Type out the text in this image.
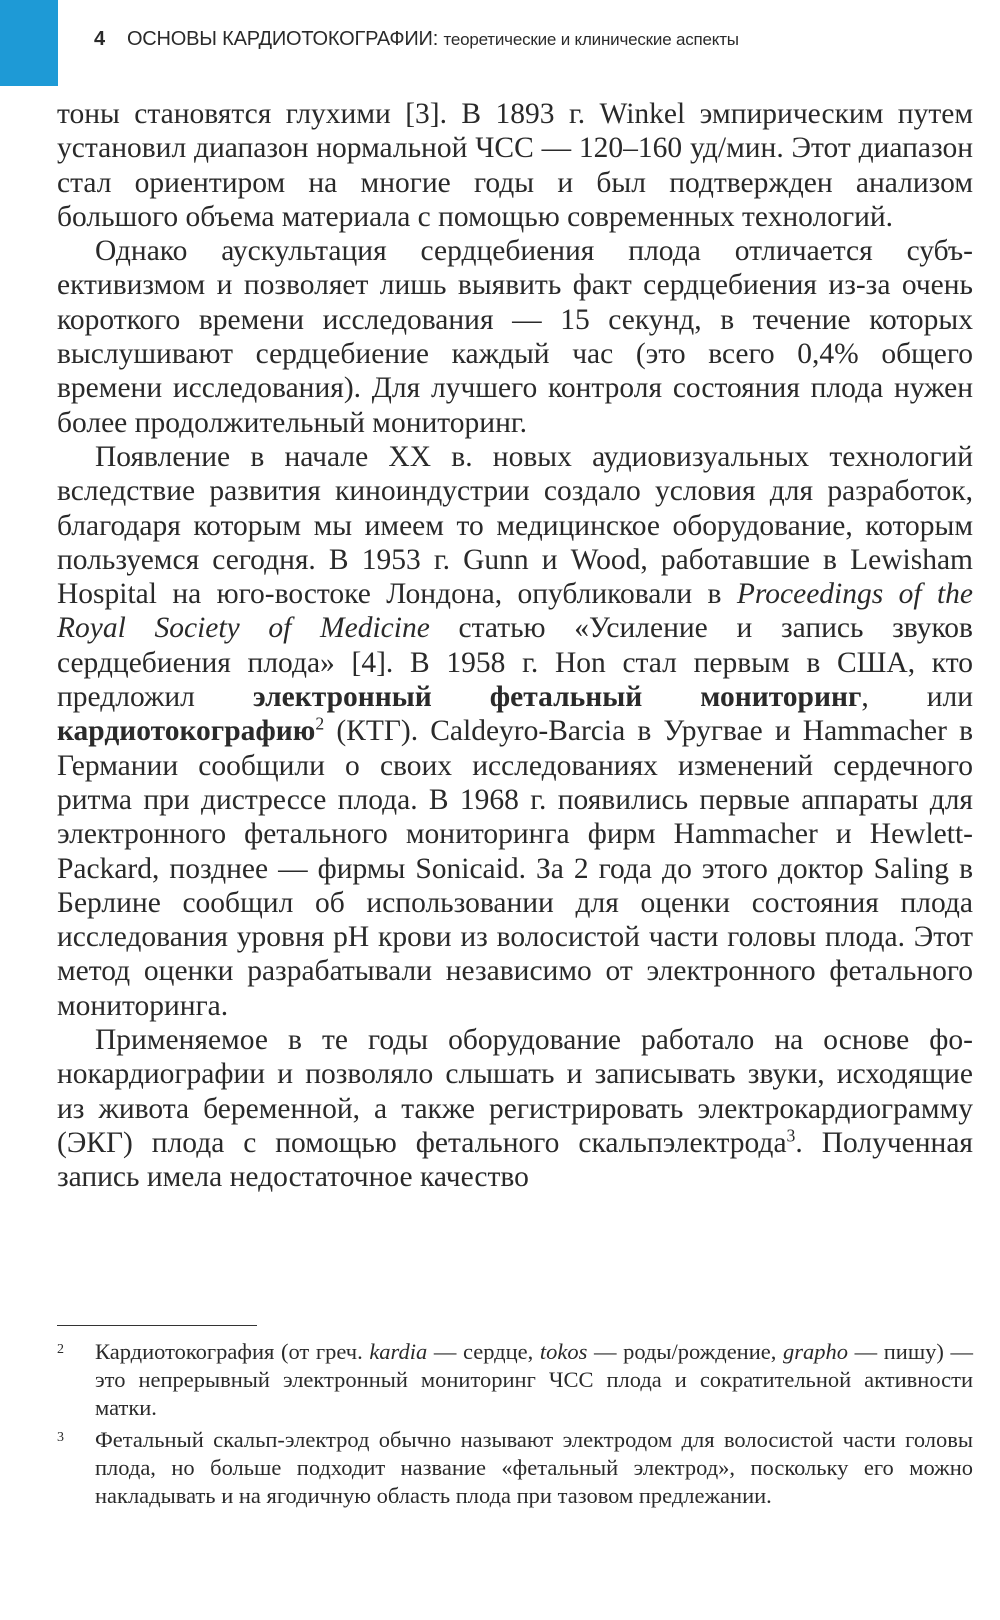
4 ОСНОВЫ КАРДИОТОКОГРАФИИ: теоретические и клинические аспекты

тоны становятся глухими [3]. В 1893 г. Winkel эмпирическим путем установил диапазон нормальной ЧСС — 120–160 уд/мин. Этот диапазон стал ориентиром на многие годы и был подтвержден анализом большого объема материала с помощью современных технологий.

Однако аускультация сердцебиения плода отличается субъективизмом и позволяет лишь выявить факт сердцебиения из-за очень короткого времени исследования — 15 секунд, в течение которых выслушивают сердцебиение каждый час (это всего 0,4% общего времени исследования). Для лучшего контроля состояния плода нужен более продолжительный мониторинг.

Появление в начале XX в. новых аудиовизуальных технологий вследствие развития киноиндустрии создало условия для разработок, благодаря которым мы имеем то медицинское оборудование, которым пользуемся сегодня. В 1953 г. Gunn и Wood, работавшие в Lewisham Hospital на юго-востоке Лондона, опубликовали в Proceedings of the Royal Society of Medicine статью «Усиление и запись звуков сердцебиения плода» [4]. В 1958 г. Hon стал первым в США, кто предложил электронный фетальный мониторинг, или кардиотокографию$^2$ (КТГ). Caldeyro-Barcia в Уругвае и Hammacher в Германии сообщили о своих исследованиях изменений сердечного ритма при дистрессе плода. В 1968 г. появились первые аппараты для электронного фетального мониторинга фирм Hammacher и Hewlett-Packard, позднее — фирмы Sonicaid. За 2 года до этого доктор Saling в Берлине сообщил об использовании для оценки состояния плода исследования уровня pH крови из волосистой части головы плода. Этот метод оценки разрабатывали независимо от электронного фетального мониторинга.

Применяемое в те годы оборудование работало на основе фонокардиографии и позволяло слышать и записывать звуки, исходящие из живота беременной, а также регистрировать электрокардиограмму (ЭКГ) плода с помощью фетального скальпэлектрода$^3$. Полученная запись имела недостаточное качество

2	Кардиотокография (от греч. kardia — сердце, tokos — роды/рождение, grapho — пишу) — это непрерывный электронный мониторинг ЧСС плода и сократительной активности матки.
3	Фетальный скальп-электрод обычно называют электродом для волосистой части головы плода, но больше подходит название «фетальный электрод», поскольку его можно накладывать и на ягодичную область плода при тазовом предлежании.
